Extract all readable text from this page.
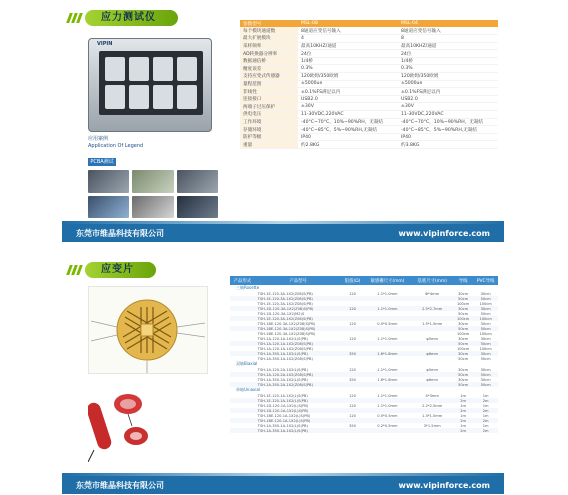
应力测试仪
VIPIN
应用案例
Application Of Legend
PCBA测试
参数型号	MSL-08	MSL-04
每个模块通道数	8通道应变信号输入	8通道应变信号输入
最大扩展模块	4	8
采样频率	最高10KHZ/通道	最高10KHZ/通道
AD转换器分辨率	24位	24位
数据通信桥	1/4桥	1/4桥
精度误差	0.3%	0.3%
支持应变式传感器	120欧姆/350欧姆	120欧姆/350欧姆
量程范围	±5000ue	±5000ue
非线性	±0.1%FS满足以内	±0.1%FS满足以内
连接接口	USB2.0	USB2.0
两端子过压保护	±30V	±30V
供电电压	11-30VDC,220VAC	11-30VDC,220VAC
工作环境	-40°C~70°C，10%~90%RH，无凝结	-40°C~70°C，10%~90%RH，无凝结
存储环境	-40°C~85°C，5%~90%RH,无凝结	-40°C~85°C，5%~90%RH,无凝结
防护等级	IP40	IP40
重量	约2.8KG	约3.8KG
东莞市维晶科技有限公司	www.vipinforce.com
应变片
产品形式	产品型号	阻值(Ω)	敏感栅尺寸(mm)	基底尺寸(mm)	导线	PVC导线
三轴Rosette						
	TSH-1E-120-3A-1X2(Z08)S(PB)	120	1.1*1.0mm	Φ*4mm	30cm	30cm
	TSH-1E-120-3A-1X2(Z08)S(PB)				50cm	50cm
	TSH-1E-120-3A-1X2(Z08)S(PB)				100cm	100cm
	TSH-1D-120-3A-1X2(Z08)S(PB)	120	1.1*1.0mm	2.5*2.7mm	30cm	30cm
	TSH-1D-120-3A-1X2(M2)S				50cm	50cm
	TSH-1E-120-3A-1X2(Z08)S(PB)				100cm	100cm
	TSH-1BE-120-3A-1X2(Z08)S(PB)	120	0.5*0.5mm	1.5*1.5mm	30cm	30cm
	TSH-1BE-120-3A-1X2(Z08)S(PB)				50cm	50cm
	TSH-1BE-120-3A-1X2(Z08)S(PB)				100cm	100cm
	TSH-1A-120-1A-1X2(L)S(PB)	120	1.1*1.0mm	φ5mm	30cm	30cm
	TSH-1A-120-1A-1X2(Z08)S(PB)				50cm	50cm
	TSH-1A-120-1A-1X2(Z08)S(PB)				100cm	100cm
	TSH-1A-350-1A-1X2(L)S(PB)	350	1.6*1.8mm	φ6mm	30cm	30cm
	TSH-1A-350-1A-1X2(Z08)S(PB)				50cm	50cm
双轴Biaxial						
	TSH-1A-120-2A-1X2(L)S(PB)	120	1.1*1.0mm	φ5mm	30cm	30cm
	TSH-1A-120-2A-1X2(Z08)S(PB)				50cm	50cm
	TSH-1A-350-2A-1X2(L)S(PB)	350	1.6*1.8mm	φ6mm	30cm	30cm
	TSH-1A-350-2A-1X2(Z08)S(PB)				50cm	50cm
单轴Uniaxial						
	TSH-1E-120-1A-1X2(L)S(PB)	120	1.1*1.0mm	4*3mm	1m	1m
	TSH-1E-120-1A-1X2(L)S(PB)				2m	2m
	TSH-1D-120-1A-1X2(L)S(PB)	120	1.1*1.0mm	2.2*2.5mm	1m	1m
	TSH-1D-120-1A-1X2(L)S(PB)				2m	2m
	TSH-1BE-120-1A-1X2(L)S(PB)	120	0.5*0.5mm	1.3*1.5mm	1m	1m
	TSH-1BE-120-1A-1X2(L)S(PB)				2m	2m
	TSH-1A-350-1A-1X2(L)S(PB)	350	0.2*0.5mm	3*1.5mm	1m	1m
	TSH-1A-350-1A-1X2(L)S(PB)				2m	2m
东莞市维晶科技有限公司	www.vipinforce.com
